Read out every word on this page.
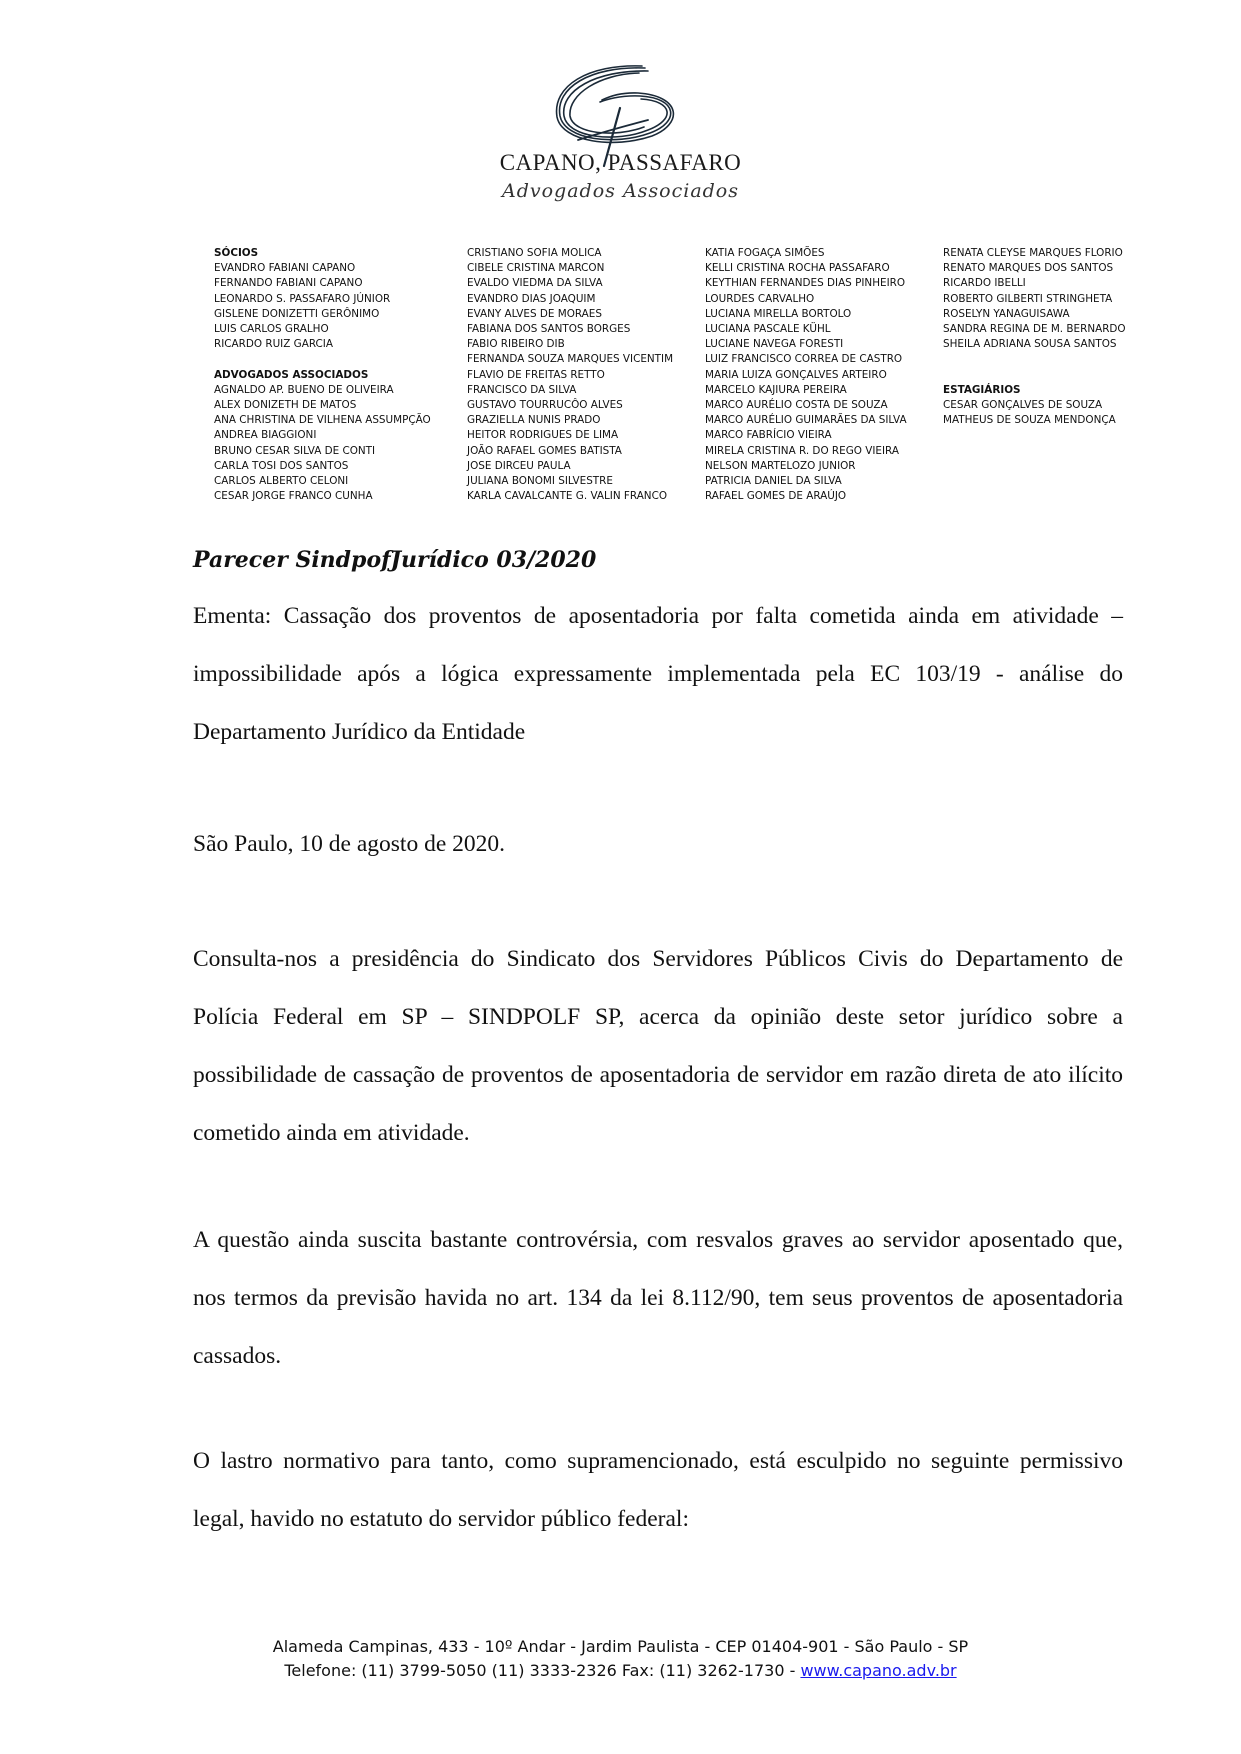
CAPANO, PASSAFARO
Advogados Associados
SÓCIOS
EVANDRO FABIANI CAPANO
FERNANDO FABIANI CAPANO
LEONARDO S. PASSAFARO JÚNIOR
GISLENE DONIZETTI GERÔNIMO
LUIS CARLOS GRALHO
RICARDO RUIZ GARCIA
ADVOGADOS ASSOCIADOS
AGNALDO AP. BUENO DE OLIVEIRA
ALEX DONIZETH DE MATOS
ANA CHRISTINA DE VILHENA ASSUMPÇÃO
ANDREA BIAGGIONI
BRUNO CESAR SILVA DE CONTI
CARLA TOSI DOS SANTOS
CARLOS ALBERTO CELONI
CESAR JORGE FRANCO CUNHA
CRISTIANO SOFIA MOLICA
CIBELE CRISTINA MARCON
EVALDO VIEDMA DA SILVA
EVANDRO DIAS JOAQUIM
EVANY ALVES DE MORAES
FABIANA DOS SANTOS BORGES
FABIO RIBEIRO DIB
FERNANDA SOUZA MARQUES VICENTIM
FLAVIO DE FREITAS RETTO
FRANCISCO DA SILVA
GUSTAVO TOURRUCÔO ALVES
GRAZIELLA NUNIS PRADO
HEITOR RODRIGUES DE LIMA
JOÃO RAFAEL GOMES BATISTA
JOSE DIRCEU PAULA
JULIANA BONOMI SILVESTRE
KARLA CAVALCANTE G. VALIN FRANCO
KATIA FOGAÇA SIMÕES
KELLI CRISTINA ROCHA PASSAFARO
KEYTHIAN FERNANDES DIAS PINHEIRO
LOURDES CARVALHO
LUCIANA MIRELLA BORTOLO
LUCIANA PASCALE KÜHL
LUCIANE NAVEGA FORESTI
LUIZ FRANCISCO CORREA DE CASTRO
MARIA LUIZA GONÇALVES ARTEIRO
MARCELO KAJIURA PEREIRA
MARCO AURÉLIO COSTA DE SOUZA
MARCO AURÉLIO GUIMARÃES DA SILVA
MARCO FABRÍCIO VIEIRA
MIRELA CRISTINA R. DO REGO VIEIRA
NELSON MARTELOZO JUNIOR
PATRICIA DANIEL DA SILVA
RAFAEL GOMES DE ARAÚJO
RENATA CLEYSE MARQUES FLORIO
RENATO MARQUES DOS SANTOS
RICARDO IBELLI
ROBERTO GILBERTI STRINGHETA
ROSELYN YANAGUISAWA
SANDRA REGINA DE M. BERNARDO
SHEILA ADRIANA SOUSA SANTOS
ESTAGIÁRIOS
CESAR GONÇALVES DE SOUZA
MATHEUS DE SOUZA MENDONÇA
Parecer SindpofJurídico 03/2020
Ementa: Cassação dos proventos de aposentadoria por falta cometida ainda em atividade – impossibilidade após a lógica expressamente implementada pela EC 103/19 - análise do Departamento Jurídico da Entidade
São Paulo, 10 de agosto de 2020.
Consulta-nos a presidência do Sindicato dos Servidores Públicos Civis do Departamento de Polícia Federal em SP – SINDPOLF SP, acerca da opinião deste setor jurídico sobre a possibilidade de cassação de proventos de aposentadoria de servidor em razão direta de ato ilícito cometido ainda em atividade.
A questão ainda suscita bastante controvérsia, com resvalos graves ao servidor aposentado que, nos termos da previsão havida no art. 134 da lei 8.112/90, tem seus proventos de aposentadoria cassados.
O lastro normativo para tanto, como supramencionado, está esculpido no seguinte permissivo legal, havido no estatuto do servidor público federal:
Alameda Campinas, 433 - 10º Andar - Jardim Paulista - CEP 01404-901 - São Paulo - SP
Telefone: (11) 3799-5050 (11) 3333-2326 Fax: (11) 3262-1730 - www.capano.adv.br
